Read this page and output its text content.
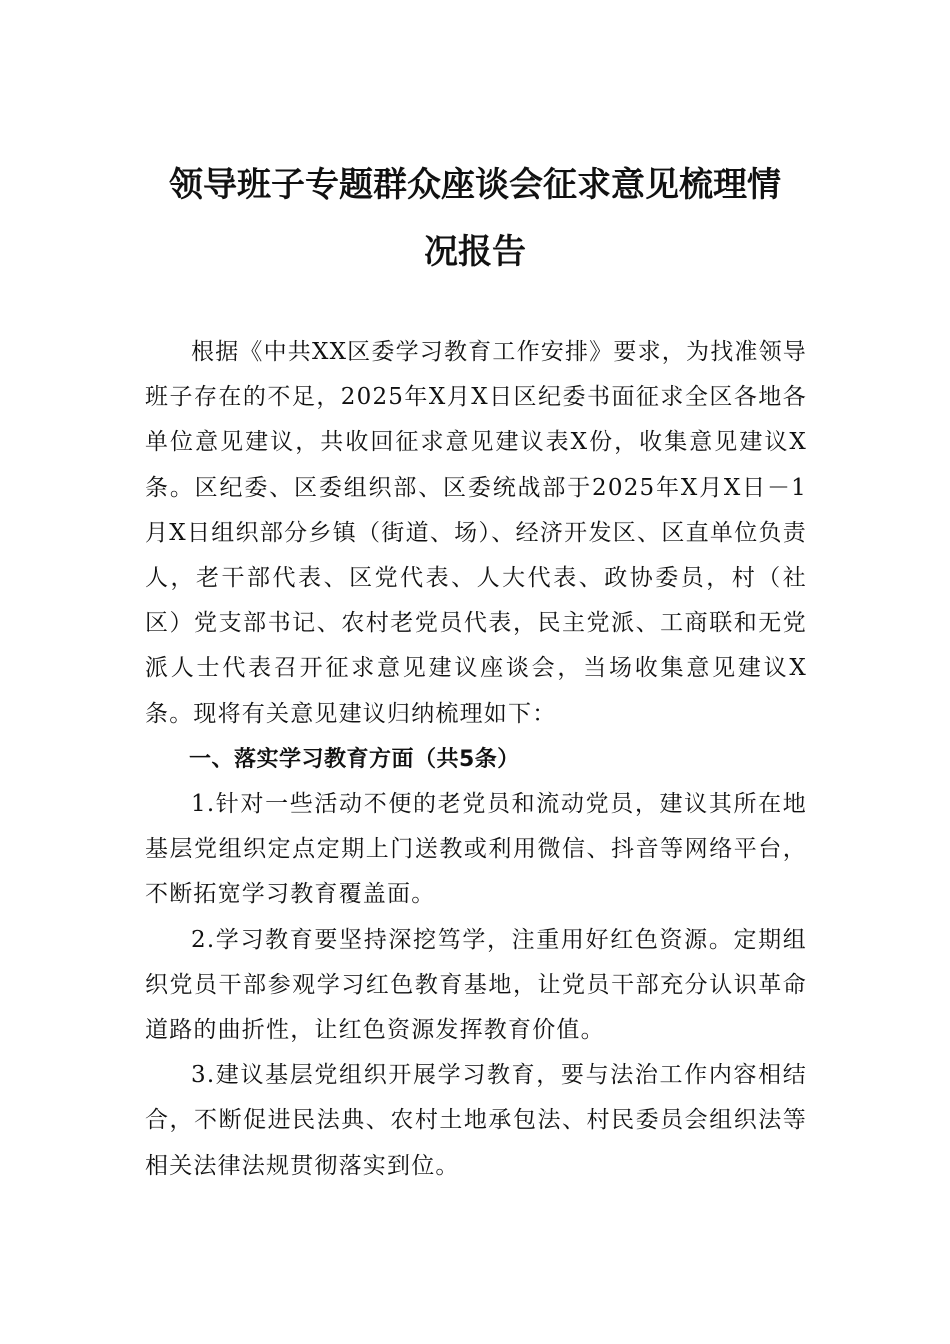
领导班子专题群众座谈会征求意见梳理情
况报告

根据《中共XX区委学习教育工作安排》要求，为找准领导班子存在的不足，2025年X月X日区纪委书面征求全区各地各单位意见建议，共收回征求意见建议表X份，收集意见建议X条。区纪委、区委组织部、区委统战部于2025年X月X日－1月X日组织部分乡镇（街道、场）、经济开发区、区直单位负责人，老干部代表、区党代表、人大代表、政协委员，村（社区）党支部书记、农村老党员代表，民主党派、工商联和无党派人士代表召开征求意见建议座谈会，当场收集意见建议X条。现将有关意见建议归纳梳理如下：

一、落实学习教育方面（共5条）

1.针对一些活动不便的老党员和流动党员，建议其所在地基层党组织定点定期上门送教或利用微信、抖音等网络平台，不断拓宽学习教育覆盖面。

2.学习教育要坚持深挖笃学，注重用好红色资源。定期组织党员干部参观学习红色教育基地，让党员干部充分认识革命道路的曲折性，让红色资源发挥教育价值。

3.建议基层党组织开展学习教育，要与法治工作内容相结合，不断促进民法典、农村土地承包法、村民委员会组织法等相关法律法规贯彻落实到位。
